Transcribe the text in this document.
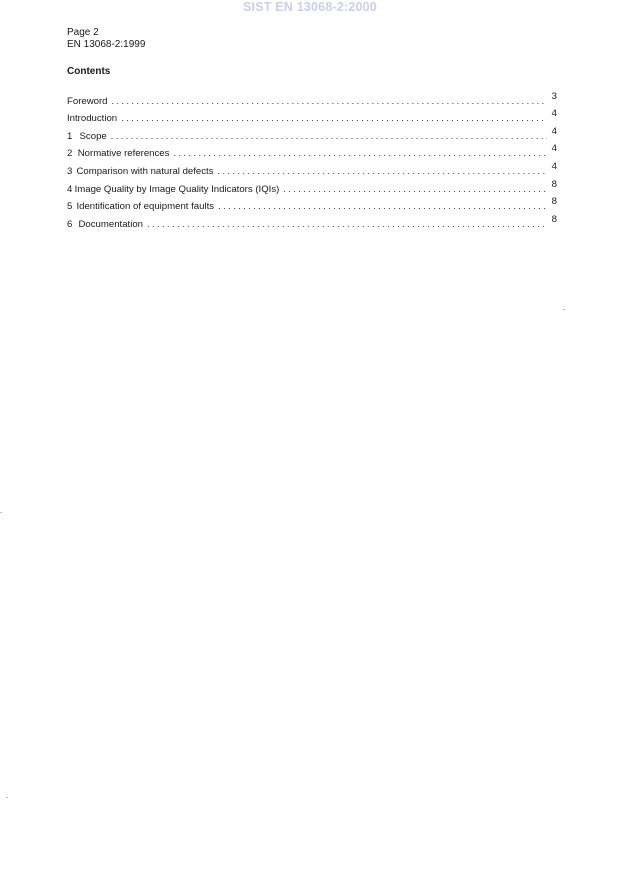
SIST EN 13068-2:2000
Page 2
EN 13068-2:1999
Contents
Foreword . . .	3
Introduction . . .	4
1 Scope . . .	4
2 Normative references . . .	4
3 Comparison with natural defects . . .	4
4 Image Quality by Image Quality Indicators (IQIs) . . .	8
5 Identification of equipment faults . . .	8
6 Documentation . . .	8
